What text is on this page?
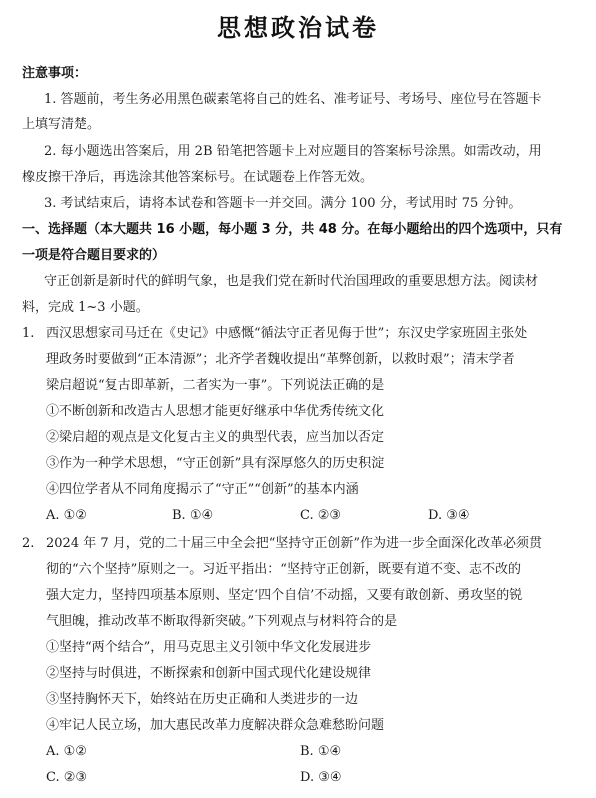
思想政治试卷
注意事项：
1. 答题前，考生务必用黑色碳素笔将自己的姓名、准考证号、考场号、座位号在答题卡
上填写清楚。
2. 每小题选出答案后，用 2B 铅笔把答题卡上对应题目的答案标号涂黑。如需改动，用
橡皮擦干净后，再选涂其他答案标号。在试题卷上作答无效。
3. 考试结束后，请将本试卷和答题卡一并交回。满分 100 分，考试用时 75 分钟。
一、选择题（本大题共 16 小题，每小题 3 分，共 48 分。在每小题给出的四个选项中，只有
一项是符合题目要求的）
守正创新是新时代的鲜明气象，也是我们党在新时代治国理政的重要思想方法。阅读材
料，完成 1~3 小题。
1. 西汉思想家司马迁在《史记》中感慨“循法守正者见侮于世”；东汉史学家班固主张处
理政务时要做到“正本清源”；北齐学者魏收提出“革弊创新，以救时艰”；清末学者
梁启超说“复古即革新，二者实为一事”。下列说法正确的是
①不断创新和改造古人思想才能更好继承中华优秀传统文化
②梁启超的观点是文化复古主义的典型代表，应当加以否定
③作为一种学术思想，“守正创新”具有深厚悠久的历史积淀
④四位学者从不同角度揭示了“守正”“创新”的基本内涵
A. ①②	B. ①④	C. ②③	D. ③④
2. 2024 年 7 月，党的二十届三中全会把“坚持守正创新”作为进一步全面深化改革必须贯
彻的“六个坚持”原则之一。习近平指出：“坚持守正创新，既要有道不变、志不改的
强大定力，坚持四项基本原则、坚定‘四个自信’不动摇，又要有敢创新、勇攻坚的锐
气胆魄，推动改革不断取得新突破。”下列观点与材料符合的是
①坚持“两个结合”，用马克思主义引领中华文化发展进步
②坚持与时俱进，不断探索和创新中国式现代化建设规律
③坚持胸怀天下，始终站在历史正确和人类进步的一边
④牢记人民立场，加大惠民改革力度解决群众急难愁盼问题
A. ①②	B. ①④
C. ②③	D. ③④
